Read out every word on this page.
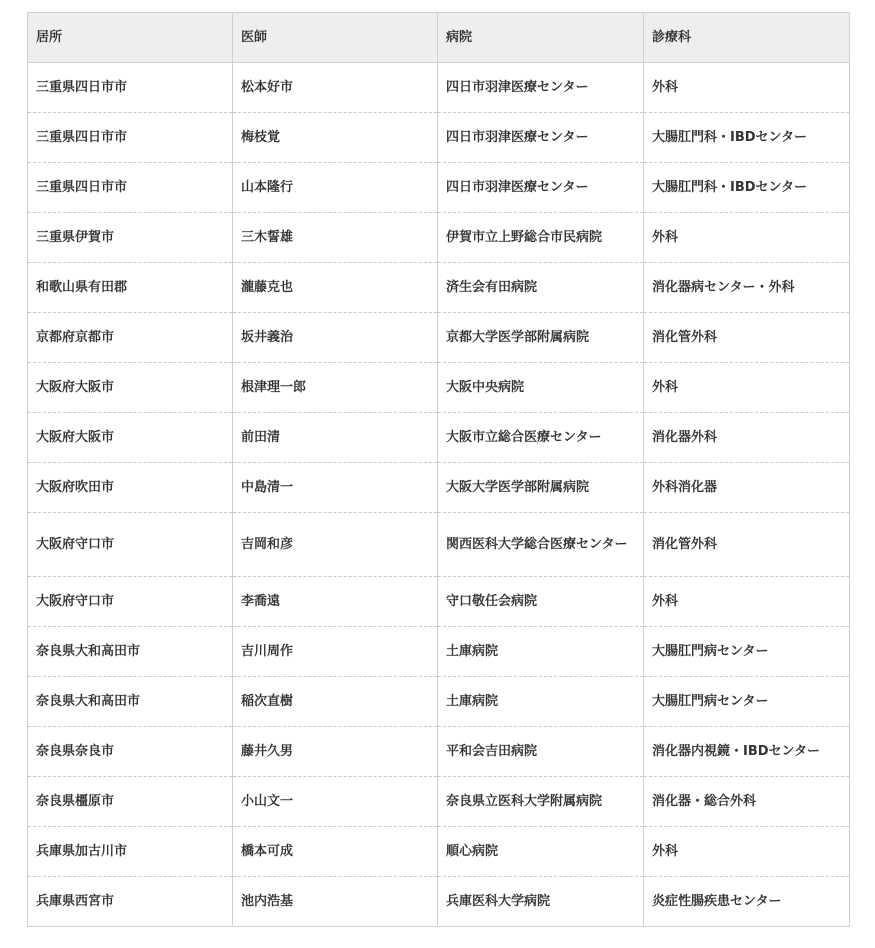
居所	医師	病院	診療科
三重県四日市市	松本好市	四日市羽津医療センター	外科
三重県四日市市	梅枝覚	四日市羽津医療センター	大腸肛門科・IBDセンター
三重県四日市市	山本隆行	四日市羽津医療センター	大腸肛門科・IBDセンター
三重県伊賀市	三木誓雄	伊賀市立上野総合市民病院	外科
和歌山県有田郡	瀧藤克也	済生会有田病院	消化器病センター・外科
京都府京都市	坂井義治	京都大学医学部附属病院	消化管外科
大阪府大阪市	根津理一郎	大阪中央病院	外科
大阪府大阪市	前田清	大阪市立総合医療センター	消化器外科
大阪府吹田市	中島清一	大阪大学医学部附属病院	外科消化器
大阪府守口市	吉岡和彦	関西医科大学総合医療センター	消化管外科
大阪府守口市	李喬遠	守口敬任会病院	外科
奈良県大和高田市	吉川周作	土庫病院	大腸肛門病センター
奈良県大和高田市	稲次直樹	土庫病院	大腸肛門病センター
奈良県奈良市	藤井久男	平和会吉田病院	消化器内視鏡・IBDセンター
奈良県橿原市	小山文一	奈良県立医科大学附属病院	消化器・総合外科
兵庫県加古川市	橋本可成	順心病院	外科
兵庫県西宮市	池内浩基	兵庫医科大学病院	炎症性腸疾患センター
